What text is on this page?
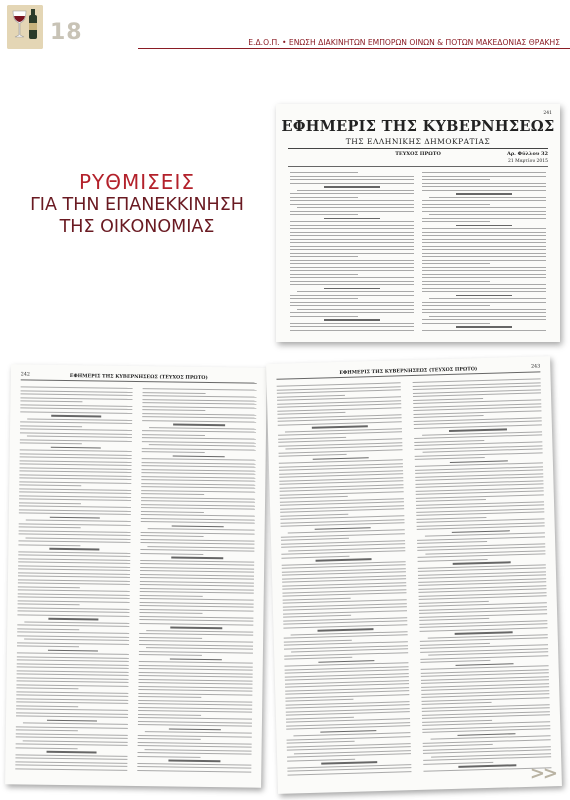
18	Ε.Δ.Ο.Π. • ΕΝΩΣΗ ΔΙΑΚΙΝΗΤΩΝ ΕΜΠΟΡΩΝ ΟΙΝΩΝ & ΠΟΤΩΝ ΜΑΚΕΔΟΝΙΑΣ ΘΡΑΚΗΣ
ΡΥΘΜΙΣΕΙΣ
ΓΙΑ ΤΗΝ ΕΠΑΝΕΚΚΙΝΗΣΗ
ΤΗΣ ΟΙΚΟΝΟΜΙΑΣ
241
ΕΦΗΜΕΡΙΣ ΤΗΣ ΚΥΒΕΡΝΗΣΕΩΣ
ΤΗΣ ΕΛΛΗΝΙΚΗΣ ΔΗΜΟΚΡΑΤΙΑΣ
ΤΕΥΧΟΣ ΠΡΩΤΟ	Αρ. Φύλλου 32
21 Μαρτίου 2015
242	ΕΦΗΜΕΡΙΣ ΤΗΣ ΚΥΒΕΡΝΗΣΕΩΣ (ΤΕΥΧΟΣ ΠΡΩΤΟ)
ΕΦΗΜΕΡΙΣ ΤΗΣ ΚΥΒΕΡΝΗΣΕΩΣ (ΤΕΥΧΟΣ ΠΡΩΤΟ)	243
>>
